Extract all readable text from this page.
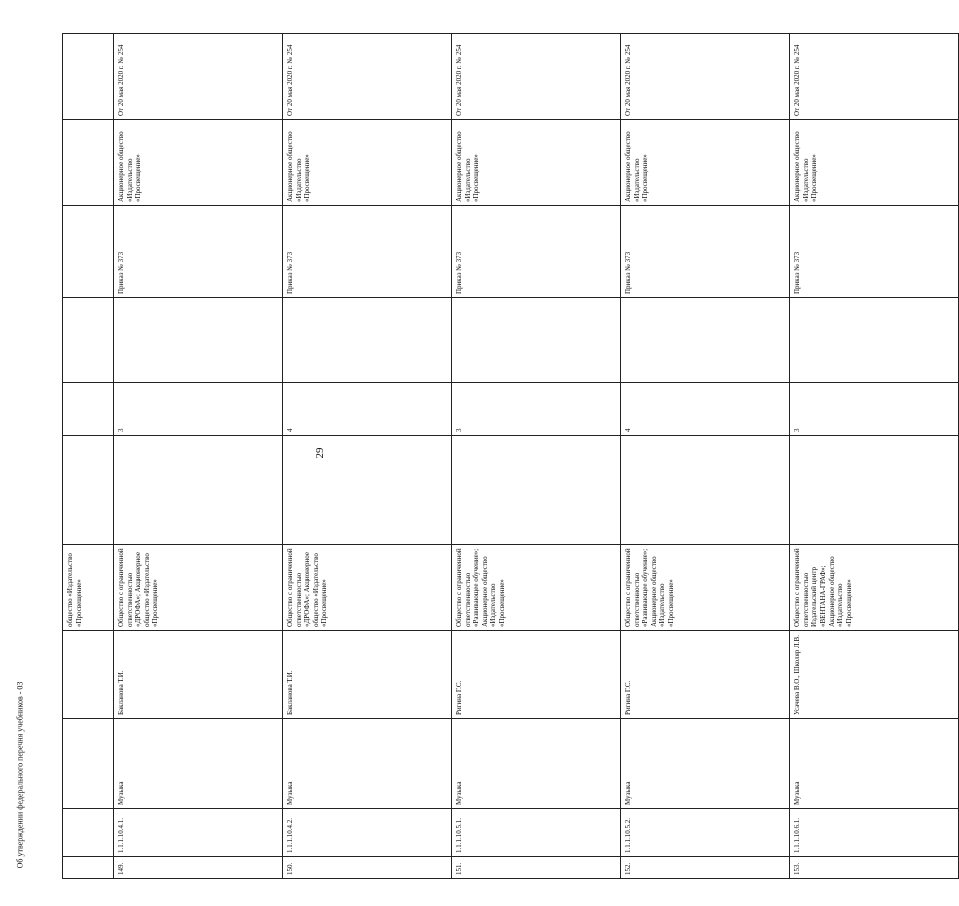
29
				общество «Издательство «Просвещение»							
149.	1.1.1.10.4.1.	Музыка	Бакланова Т.И.	Общество с ограниченной ответственностью «ДРОФА»; Акционерное общество «Издательство «Просвещение»		3		Приказ № 373	Акционерное общество «Издательство «Просвещение»	От 20 мая 2020 г. № 254	
150.	1.1.1.10.4.2.	Музыка	Бакланова Т.И.	Общество с ограниченной ответственностью «ДРОФА»; Акционерное общество «Издательство «Просвещение»		4		Приказ № 373	Акционерное общество «Издательство «Просвещение»	От 20 мая 2020 г. № 254	
151.	1.1.1.10.5.1.	Музыка	Ригина Г.С.	Общество с ограниченной ответственностью «Развивающее обучение»; Акционерное общество «Издательство «Просвещение»		3		Приказ № 373	Акционерное общество «Издательство «Просвещение»	От 20 мая 2020 г. № 254	
152.	1.1.1.10.5.2.	Музыка	Ригина Г.С.	Общество с ограниченной ответственностью «Развивающее обучение»; Акционерное общество «Издательство «Просвещение»		4		Приказ № 373	Акционерное общество «Издательство «Просвещение»	От 20 мая 2020 г. № 254	
153.	1.1.1.10.6.1.	Музыка	Усачева В.О., Школяр Л.В.	Общество с ограниченной ответственностью Издательский центр «ВЕНТАНА-ГРАФ»; Акционерное общество «Издательство «Просвещение»		3		Приказ № 373	Акционерное общество «Издательство «Просвещение»	От 20 мая 2020 г. № 254	
Об утверждении федерального перечня учебников - 03
